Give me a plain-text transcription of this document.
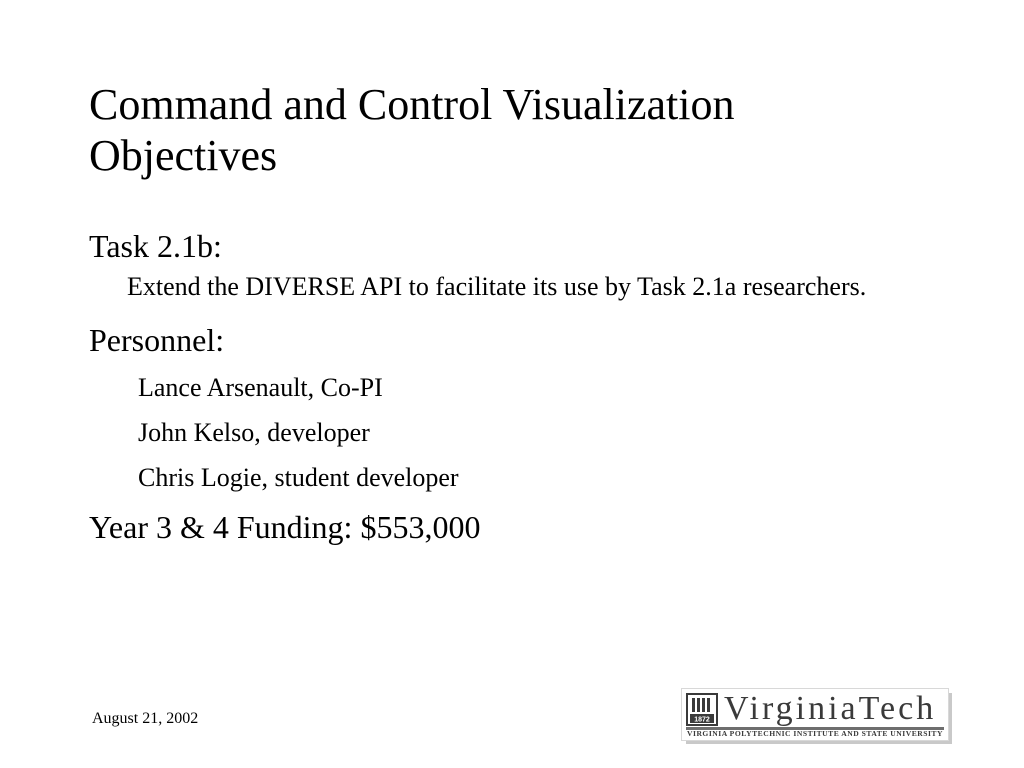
Command and Control Visualization
Objectives

Task 2.1b:

Extend the DIVERSE API to facilitate its use by Task 2.1a researchers.

Personnel:

Lance Arsenault, Co-PI
John Kelso, developer
Chris Logie, student developer

Year 3 & 4 Funding: $553,000

August 21, 2002	1872 VirginiaTech
VIRGINIA POLYTECHNIC INSTITUTE AND STATE UNIVERSITY
